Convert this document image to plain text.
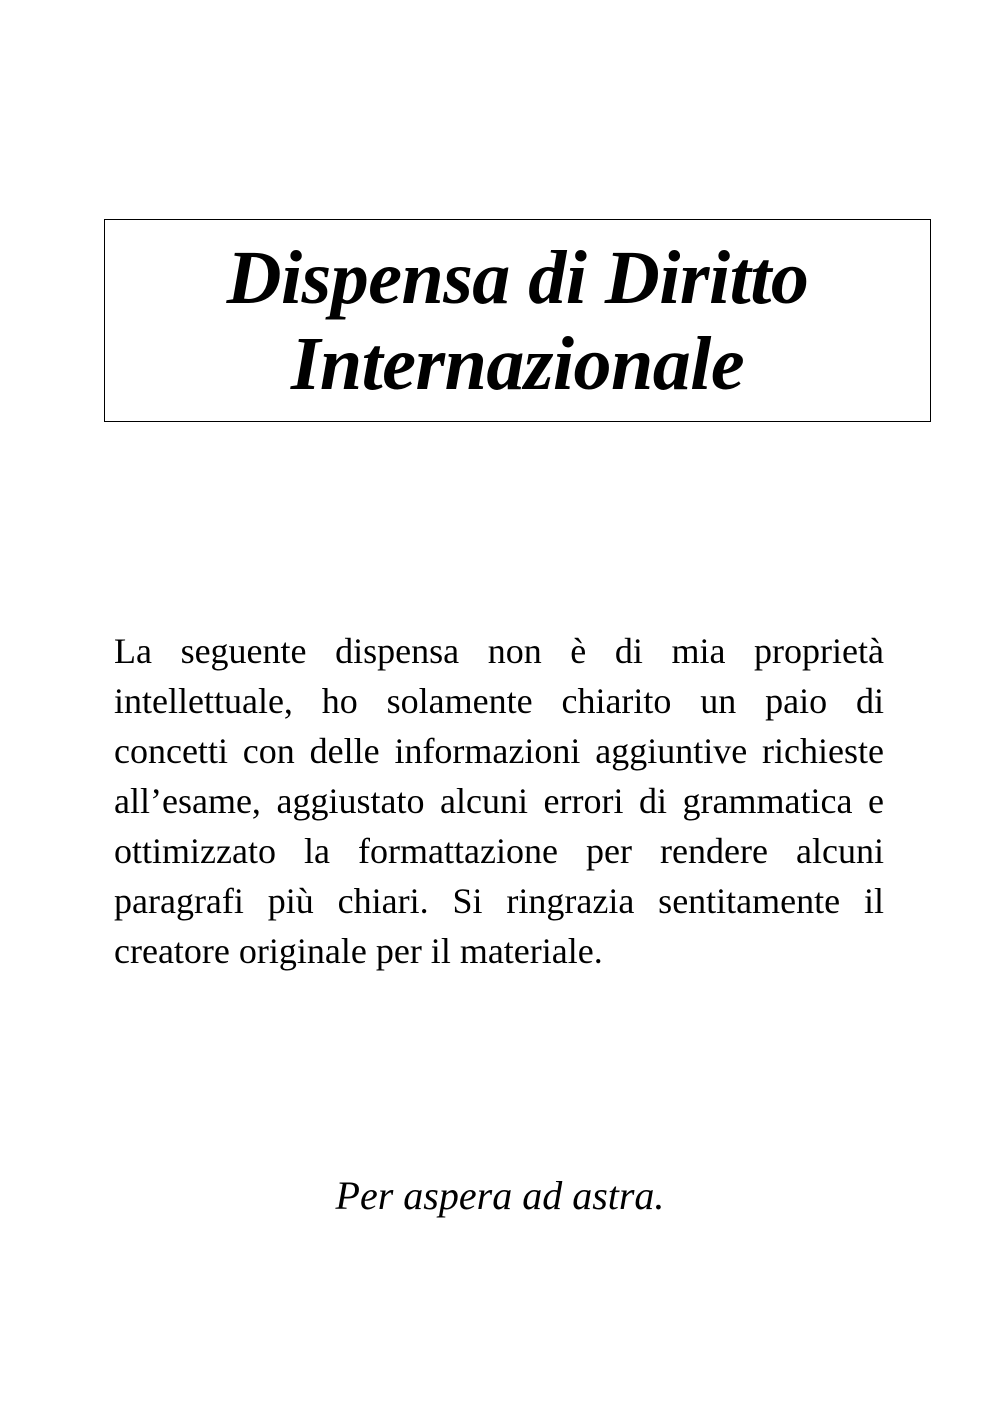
Dispensa di Diritto
Internazionale

La seguente dispensa non è di mia proprietà intellettuale, ho solamente chiarito un paio di concetti con delle informazioni aggiuntive richieste all’esame, aggiustato alcuni errori di grammatica e ottimizzato la formattazione per rendere alcuni paragrafi più chiari. Si ringrazia sentitamente il creatore originale per il materiale.

Per aspera ad astra.
